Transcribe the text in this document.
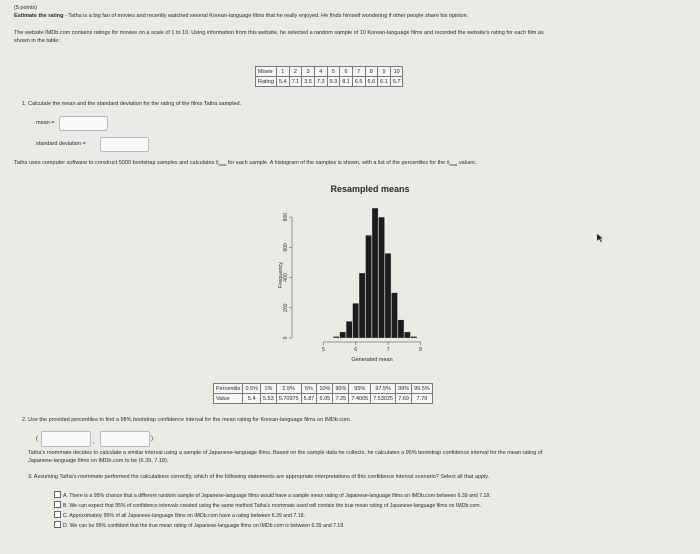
(5 points)
Estimate the rating - Tatha is a big fan of movies and recently watched several Korean-language films that he really enjoyed. He finds himself wondering if other people share his opinion.
The website IMDb.com contains ratings for movies on a scale of 1 to 10. Using information from this website, he selected a random sample of 10 Korean-language films and recorded the website's rating for each film as
shown in the table:
Movie	1	2	3	4	5	6	7	8	9	10
Rating	5.4	7.1	3.5	7.3	9.3	8.1	6.5	6.6	6.1	6.7
1. Calculate the mean and the standard deviation for the rating of the films Tatha sampled.
mean =
standard deviation =
Tatha uses computer software to construct 5000 bootstrap samples and calculates $x̄_{boot}$ for each sample. A histogram of the samples is shown, with a list of the percentiles for the $x̄_{boot}$ values.
Resampled means
5	6	7	8
0
200
400
600
800
Generated mean
Frequency
Percentile	0.5%	1%	2.5%	5%	10%	90%	95%	97.5%	99%	99.5%
Value	5.4	5.53	5.70975	5.87	6.05	7.25	7.4005	7.53025	7.69	7.79
2. Use the provided percentiles to find a 98% bootstrap confidence interval for the mean rating for Korean-language films on IMDb.com.
(	,	)
Tatha's roommate decides to calculate a similar interval using a sample of Japanese-language films. Based on the sample data he collects, he calculates a 95% bootstrap confidence interval for the mean rating of
Japanese-language films on IMDb.com to be (6.39, 7.18).
3. Assuming Tatha's roommate performed the calculations correctly, which of the following statements are appropriate interpretations of this confidence interval scenario? Select all that apply.
A. There is a 95% chance that a different random sample of Japanese-language films would have a sample mean rating of Japanese-language films on IMDb.com between 6.39 and 7.18.
B. We can expect that 95% of confidence intervals created using the same method Tatha's roommate used will contain the true mean rating of Japanese-language films on IMDb.com.
C. Approximately 95% of all Japanese-language films on IMDb.com have a rating between 6.39 and 7.18.
D. We can be 95% confident that the true mean rating of Japanese-language films on IMDb.com is between 6.39 and 7.18.
